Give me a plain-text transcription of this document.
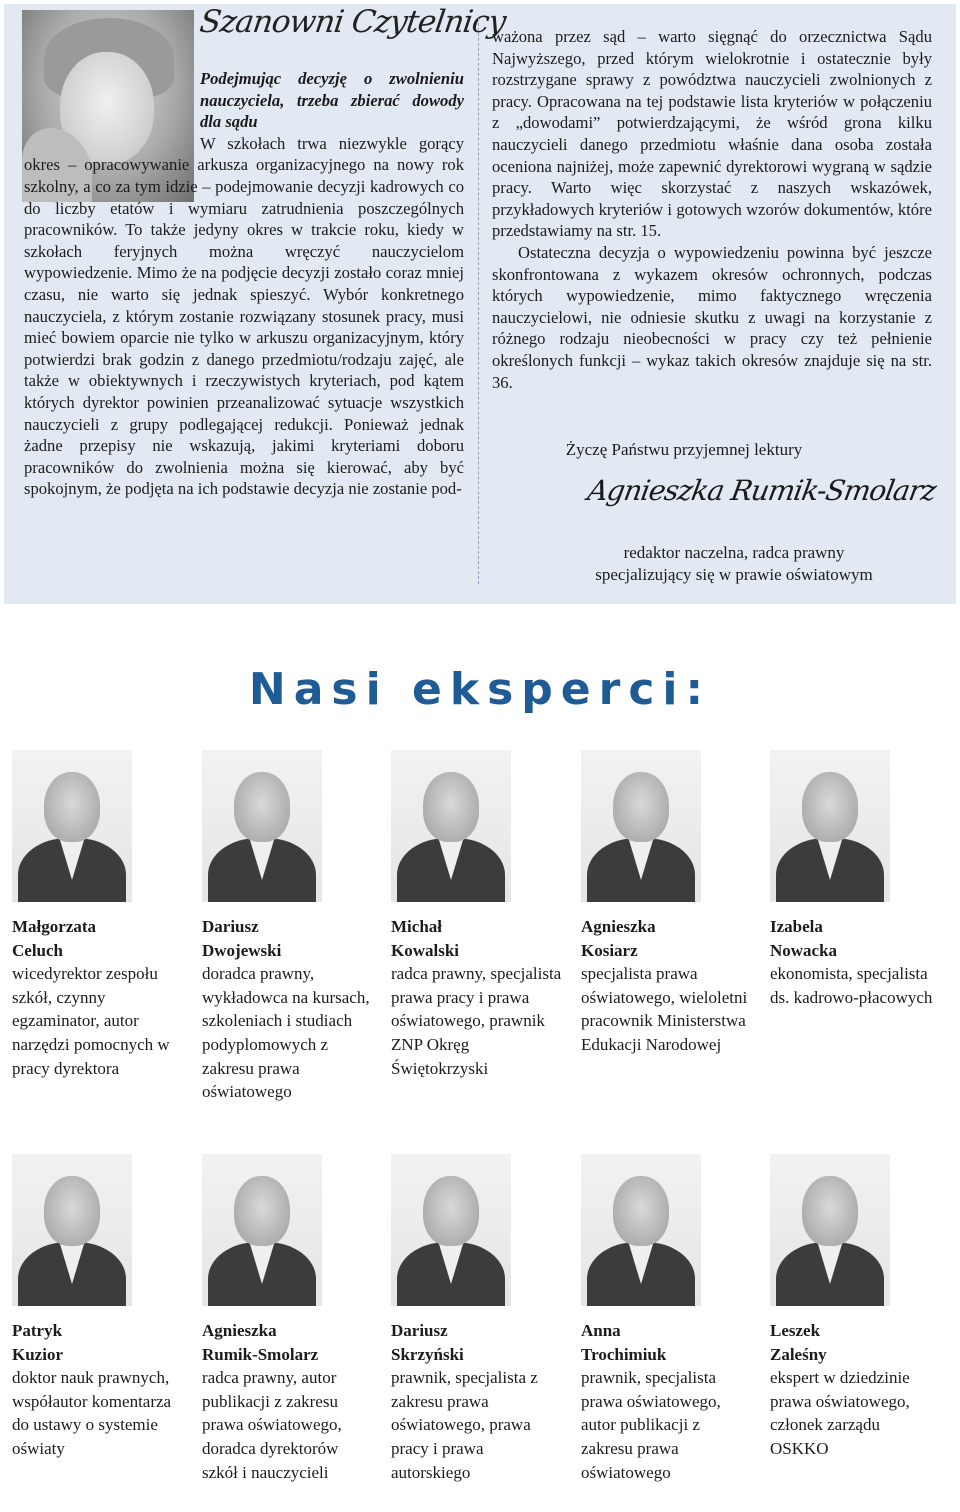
Szanowni Czytelnicy
Podejmując decyzję o zwolnieniu nauczyciela, trzeba zbierać dowody dla sądu

W szkołach trwa niezwykle gorący okres – opracowywanie arkusza organizacyjnego na nowy rok szkolny, a co za tym idzie – podejmowanie decyzji kadrowych co do liczby etatów i wymiaru zatrudnienia poszczególnych pracowników. To także jedyny okres w trakcie roku, kiedy w szkołach feryjnych można wręczyć nauczycielom wypowiedzenie. Mimo że na podjęcie decyzji zostało coraz mniej czasu, nie warto się jednak spieszyć. Wybór konkretnego nauczyciela, z którym zostanie rozwiązany stosunek pracy, musi mieć bowiem oparcie nie tylko w arkuszu organizacyjnym, który potwierdzi brak godzin z danego przedmiotu/rodzaju zajęć, ale także w obiektywnych i rzeczywistych kryteriach, pod kątem których dyrektor powinien przeanalizować sytuacje wszystkich nauczycieli z grupy podlegającej redukcji. Ponieważ jednak żadne przepisy nie wskazują, jakimi kryteriami doboru pracowników do zwolnienia można się kierować, aby być spokojnym, że podjęta na ich podstawie decyzja nie zostanie pod-

ważona przez sąd – warto sięgnąć do orzecznictwa Sądu Najwyższego, przed którym wielokrotnie i ostatecznie były rozstrzygane sprawy z powództwa nauczycieli zwolnionych z pracy. Opracowana na tej podstawie lista kryteriów w połączeniu z „dowodami” potwierdzającymi, że wśród grona kilku nauczycieli danego przedmiotu właśnie dana osoba została oceniona najniżej, może zapewnić dyrektorowi wygraną w sądzie pracy. Warto więc skorzystać z naszych wskazówek, przykładowych kryteriów i gotowych wzorów dokumentów, które przedstawiamy na str. 15.

Ostateczna decyzja o wypowiedzeniu powinna być jeszcze skonfrontowana z wykazem okresów ochronnych, podczas których wypowiedzenie, mimo faktycznego wręczenia nauczycielowi, nie odniesie skutku z uwagi na korzystanie z różnego rodzaju nieobecności w pracy czy też pełnienie określonych funkcji – wykaz takich okresów znajduje się na str. 36.

Życzę Państwu przyjemnej lektury
Agnieszka Rumik-Smolarz
redaktor naczelna, radca prawny
specjalizujący się w prawie oświatowym
Nasi eksperci:
Małgorzata
Celuch
wicedyrektor zespołu szkół, czynny egzaminator, autor narzędzi pomocnych w pracy dyrektora
Dariusz
Dwojewski
doradca prawny, wykładowca na kursach, szkoleniach i studiach podyplomowych z zakresu prawa oświatowego
Michał
Kowalski
radca prawny, specjalista prawa pracy i prawa oświatowego, prawnik ZNP Okręg Świętokrzyski
Agnieszka
Kosiarz
specjalista prawa oświatowego, wieloletni pracownik Ministerstwa Edukacji Narodowej
Izabela
Nowacka
ekonomista, specjalista ds. kadrowo-płacowych
Patryk
Kuzior
doktor nauk prawnych, współautor komentarza do ustawy o systemie oświaty
Agnieszka
Rumik-Smolarz
radca prawny, autor publikacji z zakresu prawa oświatowego, doradca dyrektorów szkół i nauczycieli
Dariusz
Skrzyński
prawnik, specjalista z zakresu prawa oświatowego, prawa pracy i prawa autorskiego
Anna
Trochimiuk
prawnik, specjalista prawa oświatowego, autor publikacji z zakresu prawa oświatowego
Leszek
Zaleśny
ekspert w dziedzinie prawa oświatowego, członek zarządu OSKKO
